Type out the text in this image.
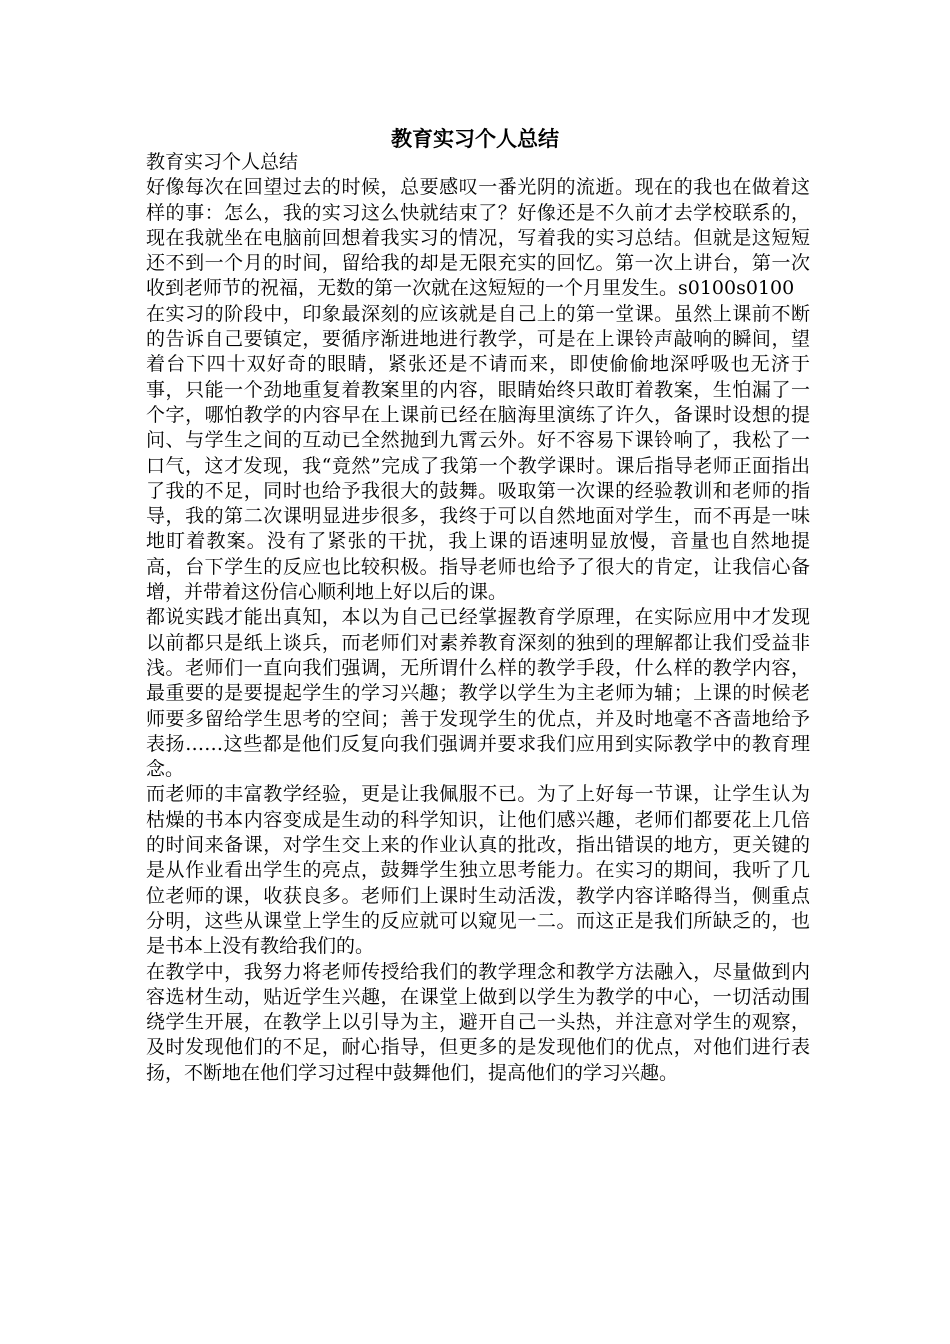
教育实习个人总结

教育实习个人总结

好像每次在回望过去的时候，总要感叹一番光阴的流逝。现在的我也在做着这样的事：怎么，我的实习这么快就结束了？好像还是不久前才去学校联系的，现在我就坐在电脑前回想着我实习的情况，写着我的实习总结。但就是这短短还不到一个月的时间，留给我的却是无限充实的回忆。第一次上讲台，第一次收到老师节的祝福，无数的第一次就在这短短的一个月里发生。s0100s0100

在实习的阶段中，印象最深刻的应该就是自己上的第一堂课。虽然上课前不断的告诉自己要镇定，要循序渐进地进行教学，可是在上课铃声敲响的瞬间，望着台下四十双好奇的眼睛，紧张还是不请而来，即使偷偷地深呼吸也无济于事，只能一个劲地重复着教案里的内容，眼睛始终只敢盯着教案，生怕漏了一个字，哪怕教学的内容早在上课前已经在脑海里演练了许久，备课时设想的提问、与学生之间的互动已全然抛到九霄云外。好不容易下课铃响了，我松了一口气，这才发现，我“竟然”完成了我第一个教学课时。课后指导老师正面指出了我的不足，同时也给予我很大的鼓舞。吸取第一次课的经验教训和老师的指导，我的第二次课明显进步很多，我终于可以自然地面对学生，而不再是一味地盯着教案。没有了紧张的干扰，我上课的语速明显放慢，音量也自然地提高，台下学生的反应也比较积极。指导老师也给予了很大的肯定，让我信心备增，并带着这份信心顺利地上好以后的课。

都说实践才能出真知，本以为自己已经掌握教育学原理，在实际应用中才发现以前都只是纸上谈兵，而老师们对素养教育深刻的独到的理解都让我们受益非浅。老师们一直向我们强调，无所谓什么样的教学手段，什么样的教学内容，最重要的是要提起学生的学习兴趣；教学以学生为主老师为辅；上课的时候老师要多留给学生思考的空间；善于发现学生的优点，并及时地毫不吝啬地给予表扬……这些都是他们反复向我们强调并要求我们应用到实际教学中的教育理念。

而老师的丰富教学经验，更是让我佩服不已。为了上好每一节课，让学生认为枯燥的书本内容变成是生动的科学知识，让他们感兴趣，老师们都要花上几倍的时间来备课，对学生交上来的作业认真的批改，指出错误的地方，更关键的是从作业看出学生的亮点，鼓舞学生独立思考能力。在实习的期间，我听了几位老师的课，收获良多。老师们上课时生动活泼，教学内容详略得当，侧重点分明，这些从课堂上学生的反应就可以窥见一二。而这正是我们所缺乏的，也是书本上没有教给我们的。

在教学中，我努力将老师传授给我们的教学理念和教学方法融入，尽量做到内容选材生动，贴近学生兴趣，在课堂上做到以学生为教学的中心，一切活动围绕学生开展，在教学上以引导为主，避开自己一头热，并注意对学生的观察，及时发现他们的不足，耐心指导，但更多的是发现他们的优点，对他们进行表扬，不断地在他们学习过程中鼓舞他们，提高他们的学习兴趣。
